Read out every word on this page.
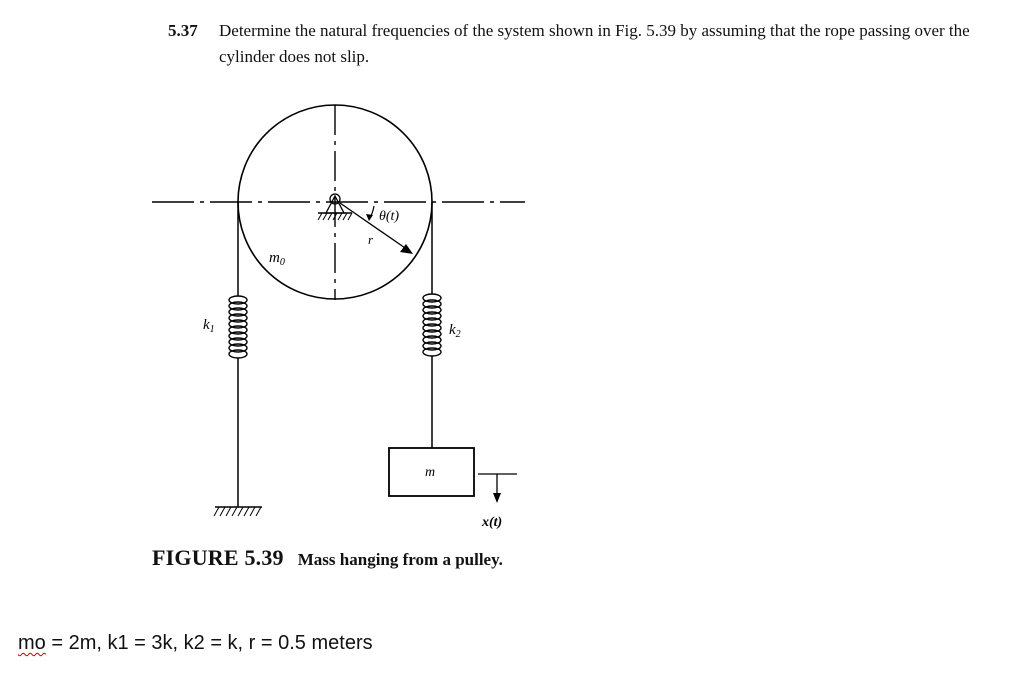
5.37 Determine the natural frequencies of the system shown in Fig. 5.39 by assuming that the rope passing over the cylinder does not slip.
$m_0$
θ(t)
r
$k_1$	$k_2$
m
x(t)
FIGURE 5.39 Mass hanging from a pulley.
mo = 2m, k1 = 3k, k2 = k, r = 0.5 meters
